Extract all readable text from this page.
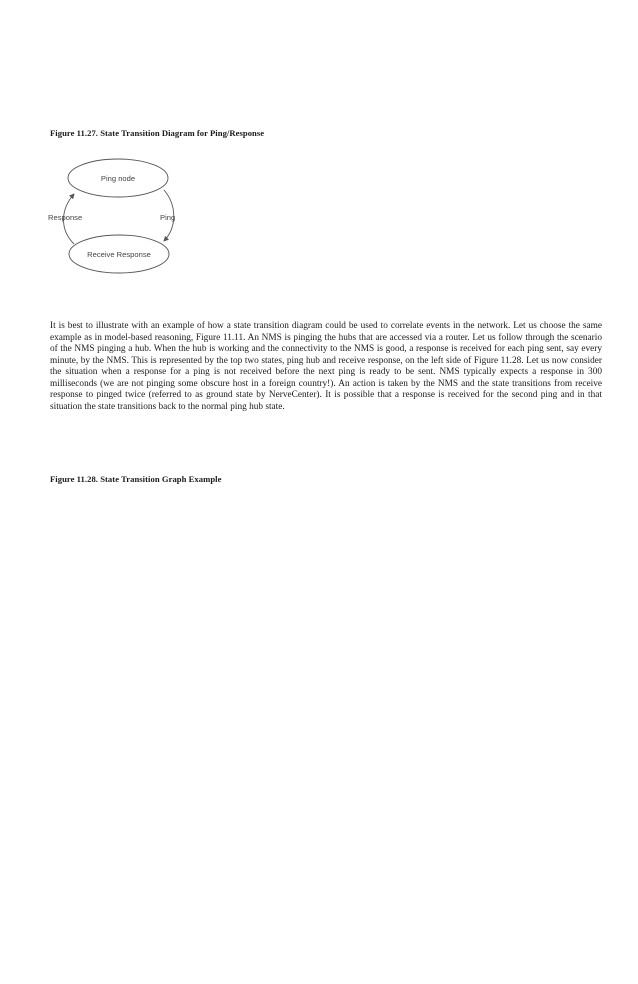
Figure 11.27. State Transition Diagram for Ping/Response
Ping node
Receive Response
Response	Ping
It is best to illustrate with an example of how a state transition diagram could be used to correlate events in the network. Let us choose the same example as in model-based reasoning, Figure 11.11. An NMS is pinging the hubs that are accessed via a router. Let us follow through the scenario of the NMS pinging a hub. When the hub is working and the connectivity to the NMS is good, a response is received for each ping sent, say every minute, by the NMS. This is represented by the top two states, ping hub and receive response, on the left side of Figure 11.28. Let us now consider the situation when a response for a ping is not received before the next ping is ready to be sent. NMS typically expects a response in 300 milliseconds (we are not pinging some obscure host in a foreign country!). An action is taken by the NMS and the state transitions from receive response to pinged twice (referred to as ground state by NerveCenter). It is possible that a response is received for the second ping and in that situation the state transitions back to the normal ping hub state.
Figure 11.28. State Transition Graph Example
